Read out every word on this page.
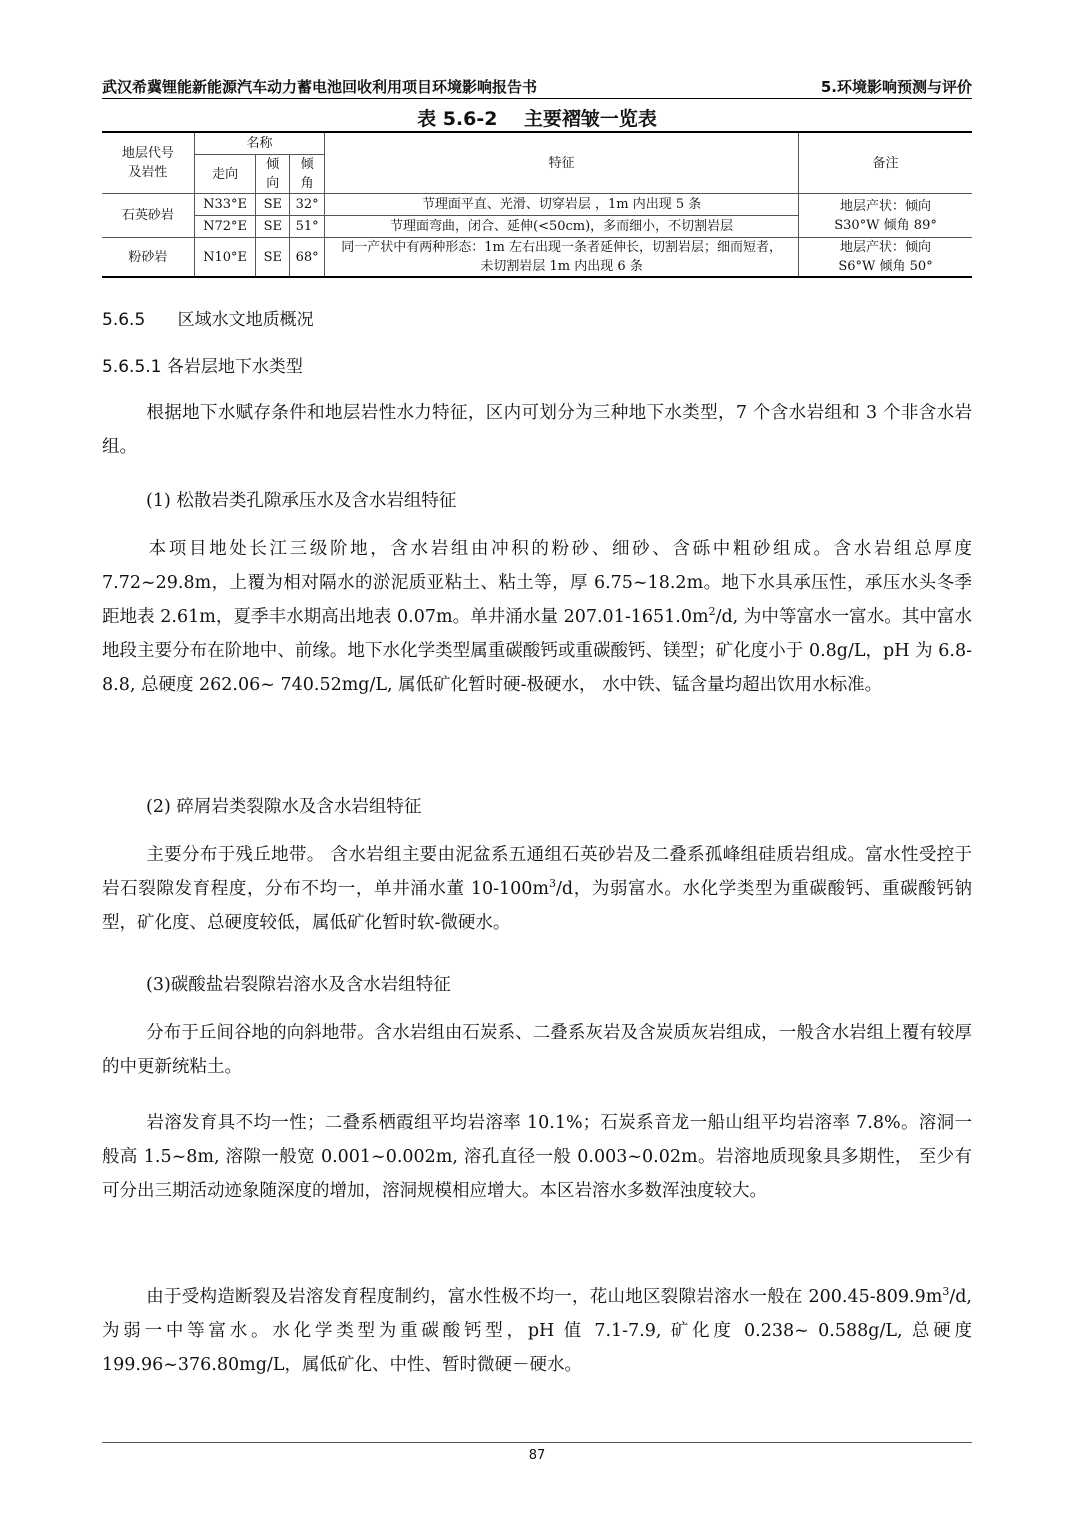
武汉希冀锂能新能源汽车动力蓄电池回收利用项目环境影响报告书	5.环境影响预测与评价
表 5.6-2    主要褶皱一览表
地层代号及岩性	名称			特征	备注
	走向	倾向	倾角		
石英砂岩	N33°E	SE	32°	节理面平直、光滑、切穿岩层 ，1m 内出现 5 条	地层产状：倾向S30°W 倾角 89°
	N72°E	SE	51°	节理面弯曲，闭合、延伸(<50cm)，多而细小，不切割岩层	
粉砂岩	N10°E	SE	68°	同一产状中有两种形态：1m 左右出现一条者延伸长，切割岩层；细而短者，未切割岩层 1m 内出现 6 条	地层产状：倾向S6°W 倾角 50°
5.6.5      区域水文地质概况
5.6.5.1 各岩层地下水类型
根据地下水赋存条件和地层岩性水力特征，区内可划分为三种地下水类型，7 个含水岩组和 3 个非含水岩组。
(1) 松散岩类孔隙承压水及含水岩组特征
本项目地处长江三级阶地，含水岩组由冲积的粉砂、细砂、含砾中粗砂组成。含水岩组总厚度 7.72~29.8m，上覆为相对隔水的淤泥质亚粘土、粘土等，厚 6.75~18.2m。地下水具承压性，承压水头冬季距地表 2.61m，夏季丰水期高出地表 0.07m。单井涌水量 $207.01-1651.0m^2/d$, 为中等富水一富水。其中富水地段主要分布在阶地中、前缘。地下水化学类型属重碳酸钙或重碳酸钙、镁型；矿化度小于 0.8g/L，pH 为 6.8-8.8, 总硬度 262.06~ 740.52mg/L, 属低矿化暂时硬-极硬水， 水中铁、锰含量均超出饮用水标准。
(2) 碎屑岩类裂隙水及含水岩组特征
主要分布于残丘地带。 含水岩组主要由泥盆系五通组石英砂岩及二叠系孤峰组硅质岩组成。富水性受控于岩石裂隙发育程度，分布不均一，单井涌水董 $10-100m^3/d$，为弱富水。水化学类型为重碳酸钙、重碳酸钙钠型，矿化度、总硬度较低，属低矿化暂时软-微硬水。
(3)碳酸盐岩裂隙岩溶水及含水岩组特征
分布于丘间谷地的向斜地带。含水岩组由石炭系、二叠系灰岩及含炭质灰岩组成，一般含水岩组上覆有较厚的中更新统粘土。
岩溶发育具不均一性；二叠系栖霞组平均岩溶率 10.1%；石炭系音龙一船山组平均岩溶率 7.8%。溶洞一般高 1.5~8m, 溶隙一般宽 0.001~0.002m, 溶孔直径一般 0.003~0.02m。岩溶地质现象具多期性， 至少有可分出三期活动迹象随深度的增加，溶洞规模相应增大。本区岩溶水多数浑浊度较大。
由于受构造断裂及岩溶发育程度制约，富水性极不均一，花山地区裂隙岩溶水一般在 $200.45-809.9m^3/d$, 为弱一中等富水。水化学类型为重碳酸钙型，pH 值 7.1-7.9, 矿化度 0.238~ 0.588g/L, 总硬度 199.96~376.80mg/L，属低矿化、中性、暂时微硬－硬水。
87
